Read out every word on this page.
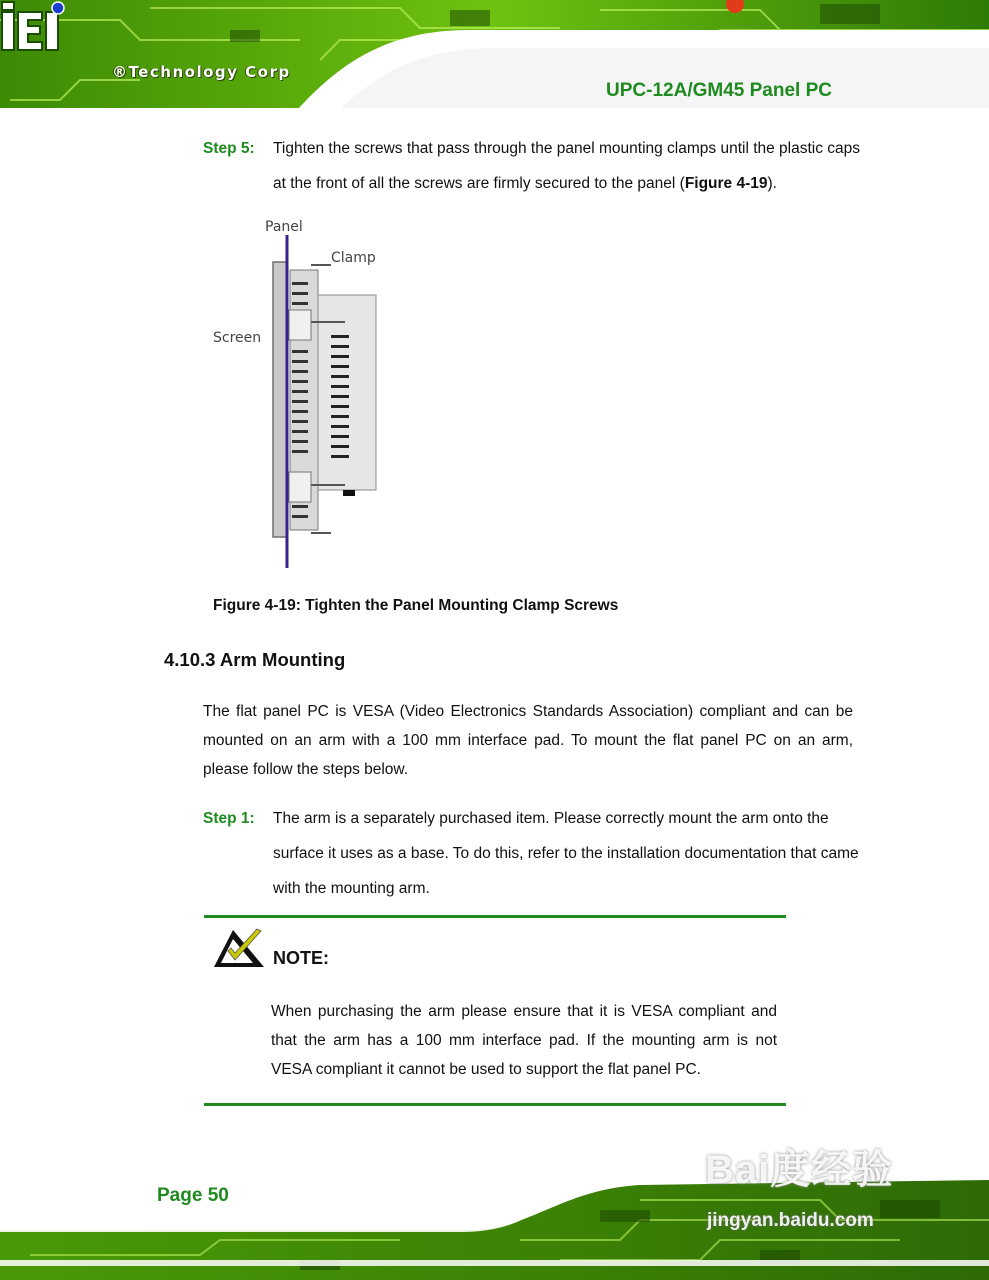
®Technology Corp
UPC-12A/GM45 Panel PC
Step 5: Tighten the screws that pass through the panel mounting clamps until the plastic caps at the front of all the screws are firmly secured to the panel (Figure 4-19).
Panel
Clamp
Screen
Figure 4-19: Tighten the Panel Mounting Clamp Screws
4.10.3 Arm Mounting
The flat panel PC is VESA (Video Electronics Standards Association) compliant and can be mounted on an arm with a 100 mm interface pad. To mount the flat panel PC on an arm, please follow the steps below.
Step 1: The arm is a separately purchased item. Please correctly mount the arm onto the surface it uses as a base. To do this, refer to the installation documentation that came with the mounting arm.
NOTE:
When purchasing the arm please ensure that it is VESA compliant and that the arm has a 100 mm interface pad. If the mounting arm is not VESA compliant it cannot be used to support the flat panel PC.
Page 50
Bai度经验
jingyan.baidu.com
